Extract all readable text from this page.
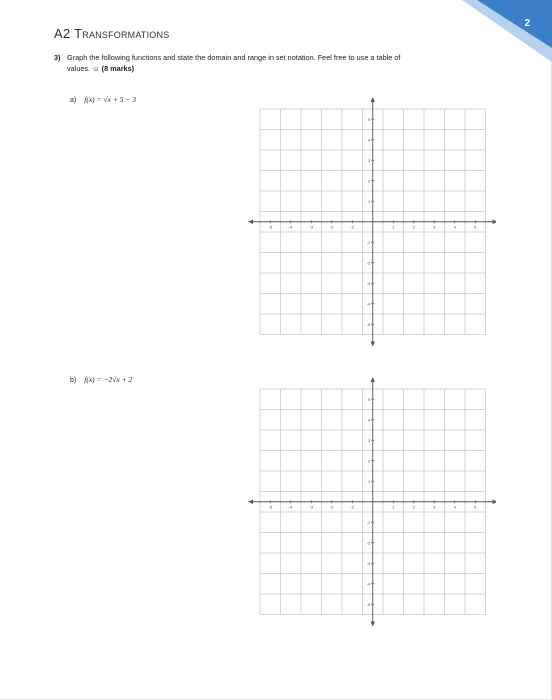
2
A2 Transformations
3) Graph the following functions and state the domain and range in set notation. Feel free to use a table of
values. ☺ (8 marks)
a) f(x) = √x + 5 − 3
-5	-4	-3	-2	-1	1	2	3	4	5
5
4
3
2
1
-1
-2
-3
-4
-5
b) f(x) = −2√x + 2
-5	-4	-3	-2	-1	1	2	3	4	5
5
4
3
2
1
-1
-2
-3
-4
-5
